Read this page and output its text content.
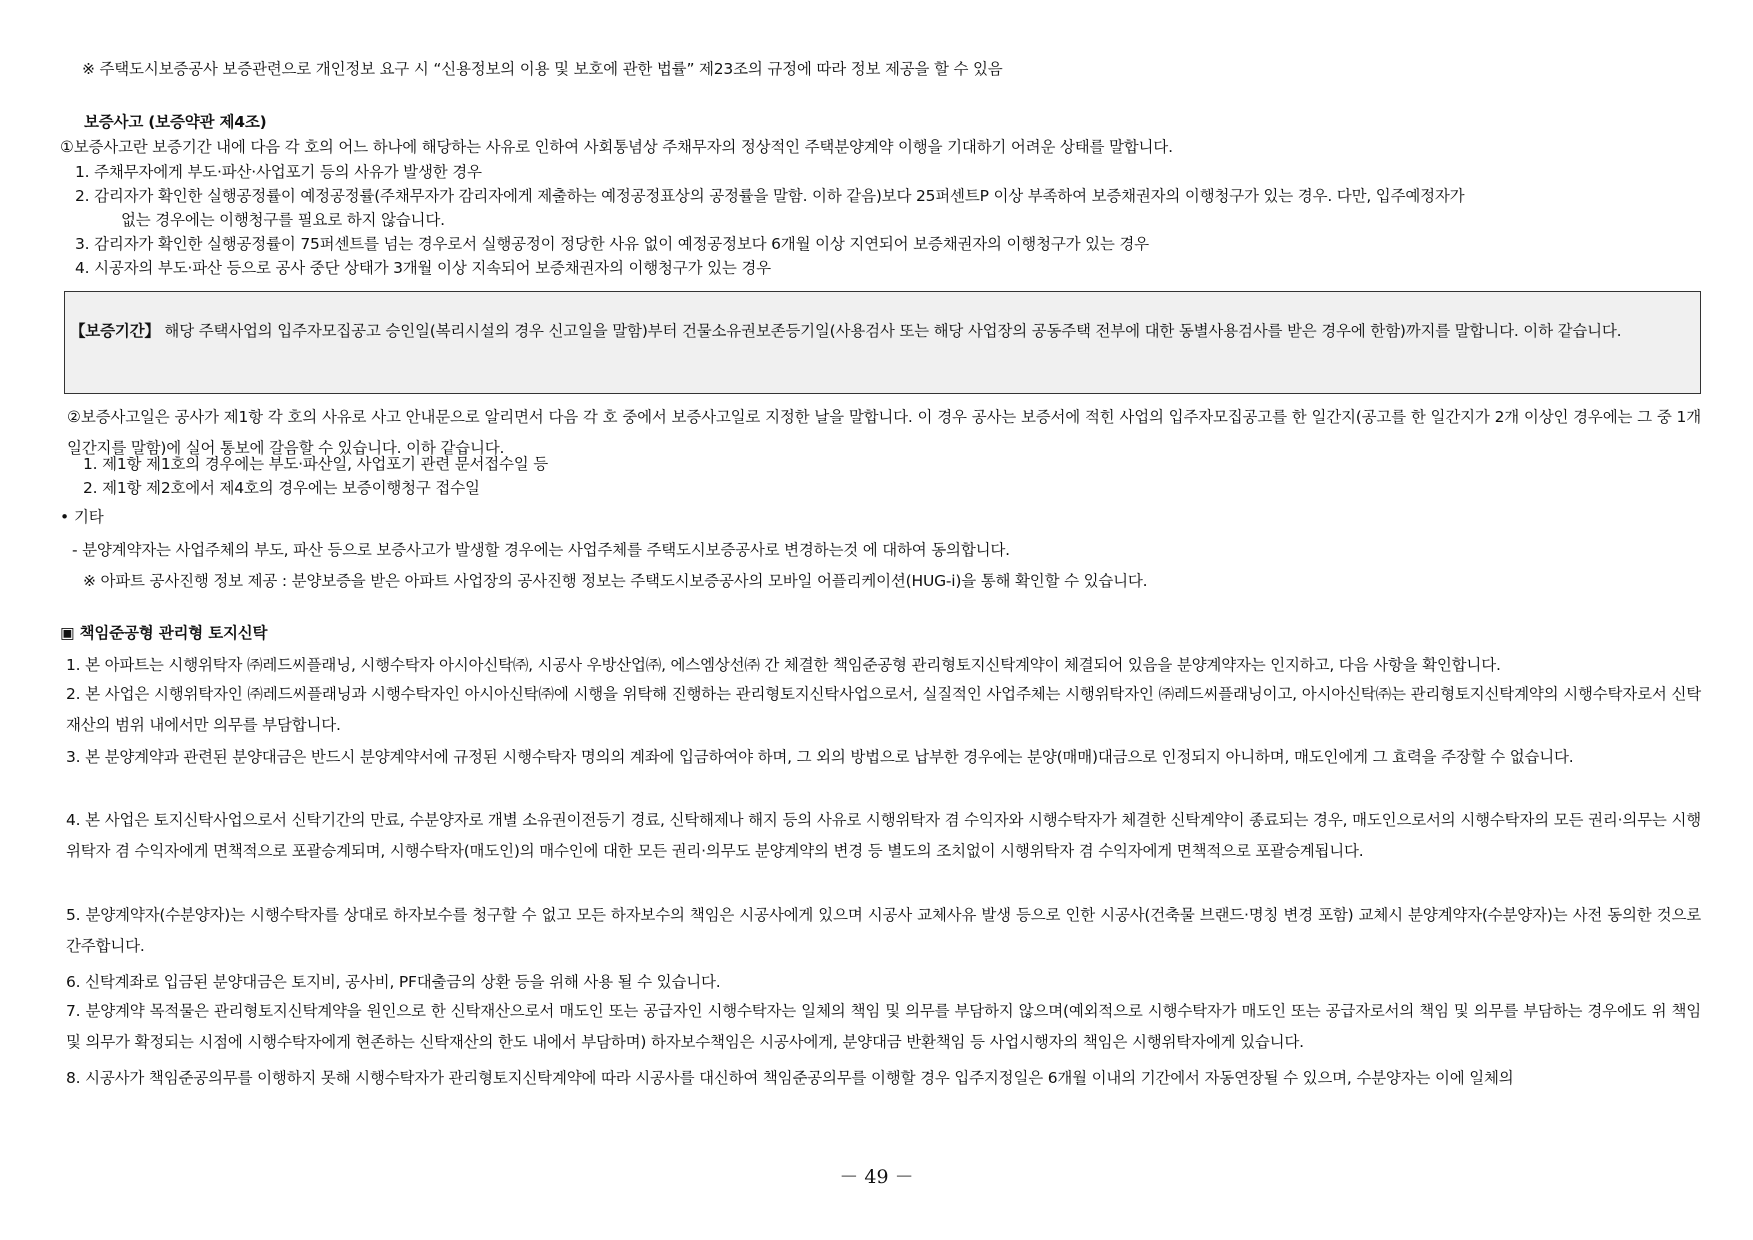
※ 주택도시보증공사 보증관련으로 개인정보 요구 시 “신용정보의 이용 및 보호에 관한 법률” 제23조의 규정에 따라 정보 제공을 할 수 있음
보증사고 (보증약관 제4조)
①보증사고란 보증기간 내에 다음 각 호의 어느 하나에 해당하는 사유로 인하여 사회통념상 주채무자의 정상적인 주택분양계약 이행을 기대하기 어려운 상태를 말합니다.
1. 주채무자에게 부도·파산·사업포기 등의 사유가 발생한 경우
2. 감리자가 확인한 실행공정률이 예정공정률(주채무자가 감리자에게 제출하는 예정공정표상의 공정률을 말함. 이하 같음)보다 25퍼센트P 이상 부족하여 보증채권자의 이행청구가 있는 경우. 다만, 입주예정자가
없는 경우에는 이행청구를 필요로 하지 않습니다.
3. 감리자가 확인한 실행공정률이 75퍼센트를 넘는 경우로서 실행공정이 정당한 사유 없이 예정공정보다 6개월 이상 지연되어 보증채권자의 이행청구가 있는 경우
4. 시공자의 부도·파산 등으로 공사 중단 상태가 3개월 이상 지속되어 보증채권자의 이행청구가 있는 경우
【보증기간】 해당 주택사업의 입주자모집공고 승인일(복리시설의 경우 신고일을 말함)부터 건물소유권보존등기일(사용검사 또는 해당 사업장의 공동주택 전부에 대한 동별사용검사를 받은 경우에 한함)까지를 말합니다. 이하 같습니다.
②보증사고일은 공사가 제1항 각 호의 사유로 사고 안내문으로 알리면서 다음 각 호 중에서 보증사고일로 지정한 날을 말합니다. 이 경우 공사는 보증서에 적힌 사업의 입주자모집공고를 한 일간지(공고를 한 일간지가 2개 이상인 경우에는 그 중 1개 일간지를 말함)에 실어 통보에 갈음할 수 있습니다. 이하 같습니다.
1. 제1항 제1호의 경우에는 부도·파산일, 사업포기 관련 문서접수일 등
2. 제1항 제2호에서 제4호의 경우에는 보증이행청구 접수일
• 기타
- 분양계약자는 사업주체의 부도, 파산 등으로 보증사고가 발생할 경우에는 사업주체를 주택도시보증공사로 변경하는것 에 대하여 동의합니다.
※ 아파트 공사진행 정보 제공 : 분양보증을 받은 아파트 사업장의 공사진행 정보는 주택도시보증공사의 모바일 어플리케이션(HUG-i)을 통해 확인할 수 있습니다.
▣ 책임준공형 관리형 토지신탁
1. 본 아파트는 시행위탁자 ㈜레드씨플래닝, 시행수탁자 아시아신탁㈜, 시공사 우방산업㈜, 에스엠상선㈜ 간 체결한 책임준공형 관리형토지신탁계약이 체결되어 있음을 분양계약자는 인지하고, 다음 사항을 확인합니다.
2. 본 사업은 시행위탁자인 ㈜레드씨플래닝과 시행수탁자인 아시아신탁㈜에 시행을 위탁해 진행하는 관리형토지신탁사업으로서, 실질적인 사업주체는 시행위탁자인 ㈜레드씨플래닝이고, 아시아신탁㈜는 관리형토지신탁계약의 시행수탁자로서 신탁재산의 범위 내에서만 의무를 부담합니다.
3. 본 분양계약과 관련된 분양대금은 반드시 분양계약서에 규정된 시행수탁자 명의의 계좌에 입금하여야 하며, 그 외의 방법으로 납부한 경우에는 분양(매매)대금으로 인정되지 아니하며, 매도인에게 그 효력을 주장할 수 없습니다.
4. 본 사업은 토지신탁사업으로서 신탁기간의 만료, 수분양자로 개별 소유권이전등기 경료, 신탁해제나 해지 등의 사유로 시행위탁자 겸 수익자와 시행수탁자가 체결한 신탁계약이 종료되는 경우, 매도인으로서의 시행수탁자의 모든 권리·의무는 시행위탁자 겸 수익자에게 면책적으로 포괄승계되며, 시행수탁자(매도인)의 매수인에 대한 모든 권리·의무도 분양계약의 변경 등 별도의 조치없이 시행위탁자 겸 수익자에게 면책적으로 포괄승계됩니다.
5. 분양계약자(수분양자)는 시행수탁자를 상대로 하자보수를 청구할 수 없고 모든 하자보수의 책임은 시공사에게 있으며 시공사 교체사유 발생 등으로 인한 시공사(건축물 브랜드·명칭 변경 포함) 교체시 분양계약자(수분양자)는 사전 동의한 것으로 간주합니다.
6. 신탁계좌로 입금된 분양대금은 토지비, 공사비, PF대출금의 상환 등을 위해 사용 될 수 있습니다.
7. 분양계약 목적물은 관리형토지신탁계약을 원인으로 한 신탁재산으로서 매도인 또는 공급자인 시행수탁자는 일체의 책임 및 의무를 부담하지 않으며(예외적으로 시행수탁자가 매도인 또는 공급자로서의 책임 및 의무를 부담하는 경우에도 위 책임 및 의무가 확정되는 시점에 시행수탁자에게 현존하는 신탁재산의 한도 내에서 부담하며) 하자보수책임은 시공사에게, 분양대금 반환책임 등 사업시행자의 책임은 시행위탁자에게 있습니다.
8. 시공사가 책임준공의무를 이행하지 못해 시행수탁자가 관리형토지신탁계약에 따라 시공사를 대신하여 책임준공의무를 이행할 경우 입주지정일은 6개월 이내의 기간에서 자동연장될 수 있으며, 수분양자는 이에 일체의
－ 49 －
